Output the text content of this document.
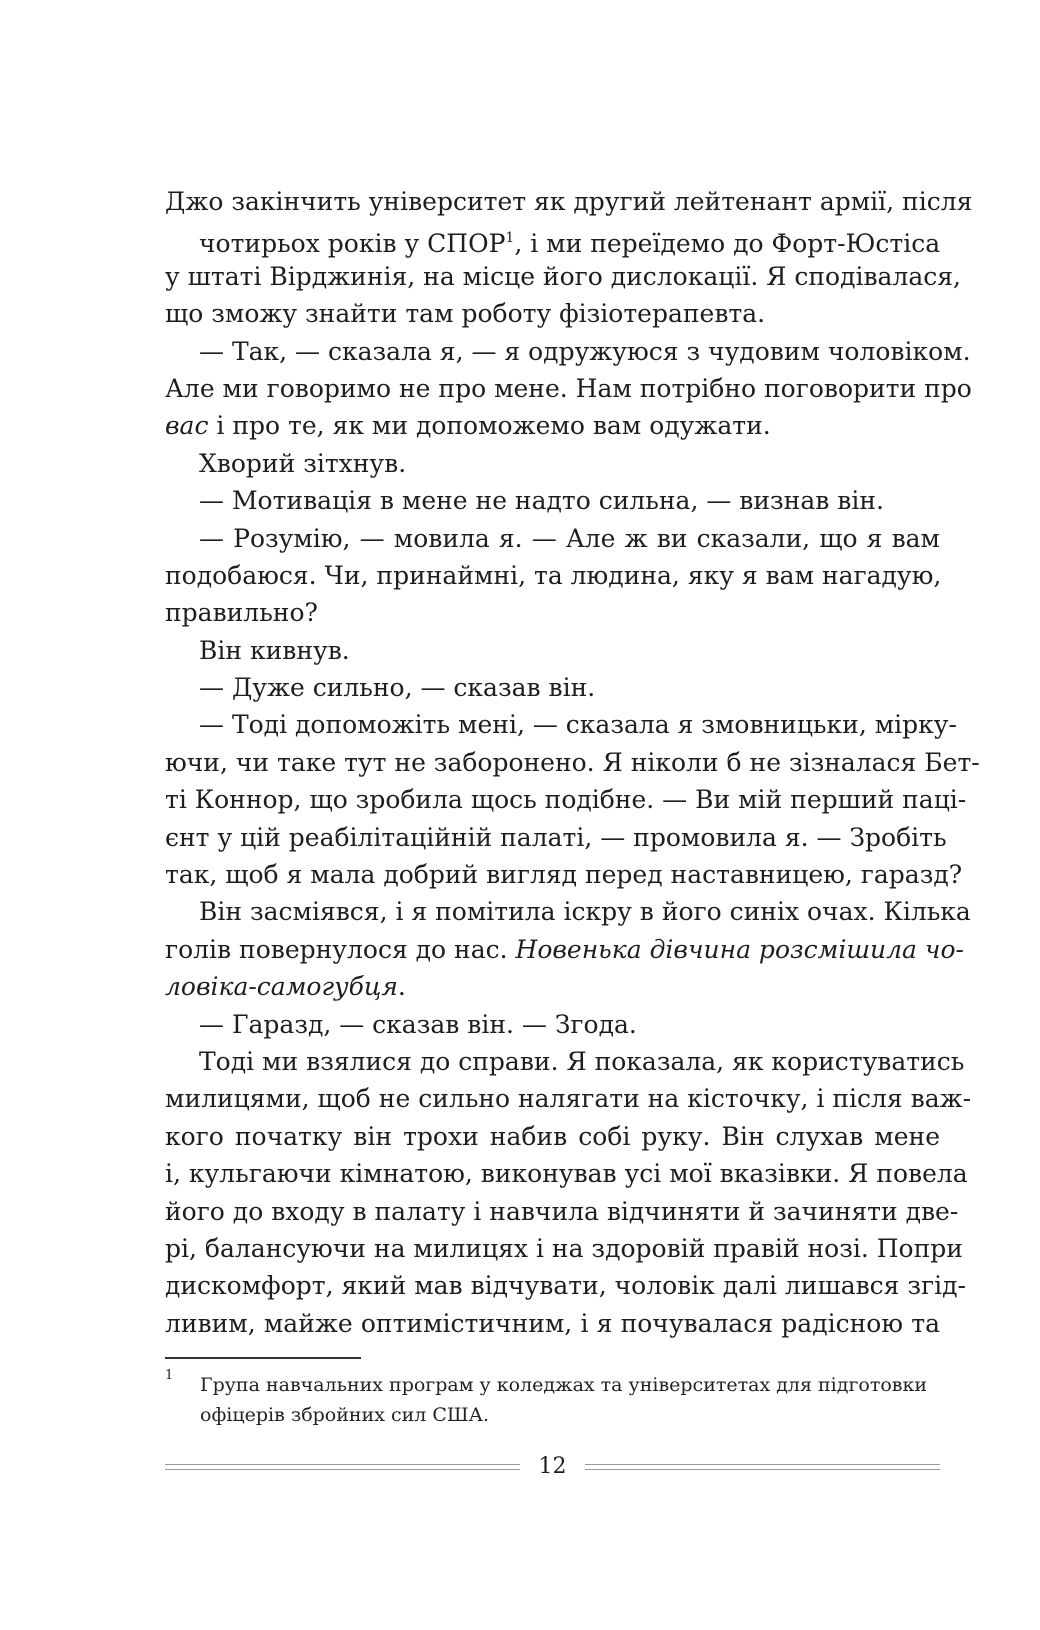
Джо закінчить університет як другий лейтенант армії, після
чотирьох років у СПОР$^1$, і ми переїдемо до Форт-Юстіса
у штаті Вірджинія, на місце його дислокації. Я сподівалася,
що зможу знайти там роботу фізіотерапевта.
— Так, — сказала я, — я одружуюся з чудовим чоловіком.
Але ми говоримо не про мене. Нам потрібно поговорити про
вас і про те, як ми допоможемо вам одужати.
Хворий зітхнув.
— Мотивація в мене не надто сильна, — визнав він.
— Розумію, — мовила я. — Але ж ви сказали, що я вам
подобаюся. Чи, принаймні, та людина, яку я вам нагадую,
правильно?
Він кивнув.
— Дуже сильно, — сказав він.
— Тоді допоможіть мені, — сказала я змовницьки, мірку-
ючи, чи таке тут не заборонено. Я ніколи б не зізналася Бет-
ті Коннор, що зробила щось подібне. — Ви мій перший паці-
єнт у цій реабілітаційній палаті, — промовила я. — Зробіть
так, щоб я мала добрий вигляд перед наставницею, гаразд?
Він засміявся, і я помітила іскру в його синіх очах. Кілька
голів повернулося до нас. Новенька дівчина розсмішила чо-
ловіка-самогубця.
— Гаразд, — сказав він. — Згода.
Тоді ми взялися до справи. Я показала, як користуватись
милицями, щоб не сильно налягати на кісточку, і після важ-
кого початку він трохи набив собі руку. Він слухав мене
і, кульгаючи кімнатою, виконував усі мої вказівки. Я повела
його до входу в палату і навчила відчиняти й зачиняти две-
рі, балансуючи на милицях і на здоровій правій нозі. Попри
дискомфорт, який мав відчувати, чоловік далі лишався згід-
ливим, майже оптимістичним, і я почувалася радісною та
1 Група навчальних програм у коледжах та університетах для підготовки
офіцерів збройних сил США.
12
